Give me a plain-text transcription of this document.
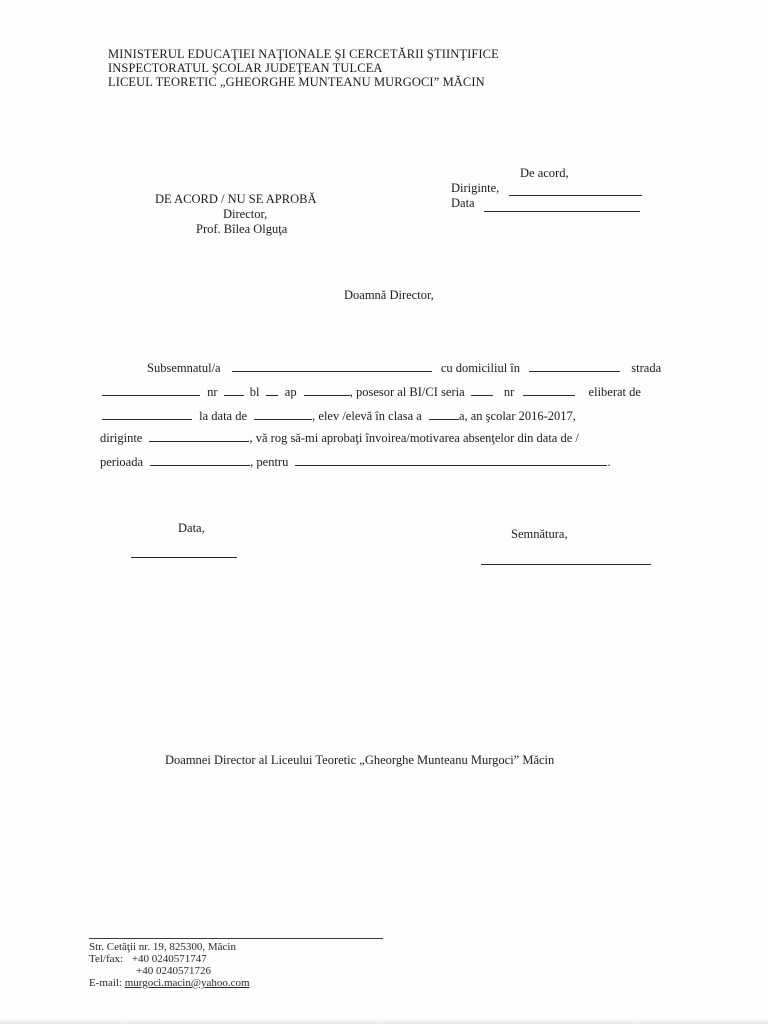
MINISTERUL EDUCAŢIEI NAŢIONALE ŞI CERCETĂRII ŞTIINŢIFICE
INSPECTORATUL ŞCOLAR JUDEŢEAN TULCEA
LICEUL TEORETIC „GHEORGHE MUNTEANU MURGOCI” MĂCIN
De acord,
Diriginte,
Data
DE ACORD / NU SE APROBĂ
Director,
Prof. Bîlea Olguţa
Doamnă Director,
Subsemnatul/a	cu domiciliul în	strada
nr	bl ap	, posesor al BI/CI seria	nr	eliberat de
la data de	, elev /elevă în clasa a	a, an şcolar 2016-2017,
diriginte	, vă rog să-mi aprobaţi învoirea/motivarea absenţelor din data de /
perioada	, pentru	.
Data,	Semnătura,
Doamnei Director al Liceului Teoretic „Gheorghe Munteanu Murgoci” Măcin
Str. Cetăţii nr. 19, 825300, Măcin
Tel/fax: +40 0240571747
+40 0240571726
E-mail: murgoci.macin@yahoo.com
